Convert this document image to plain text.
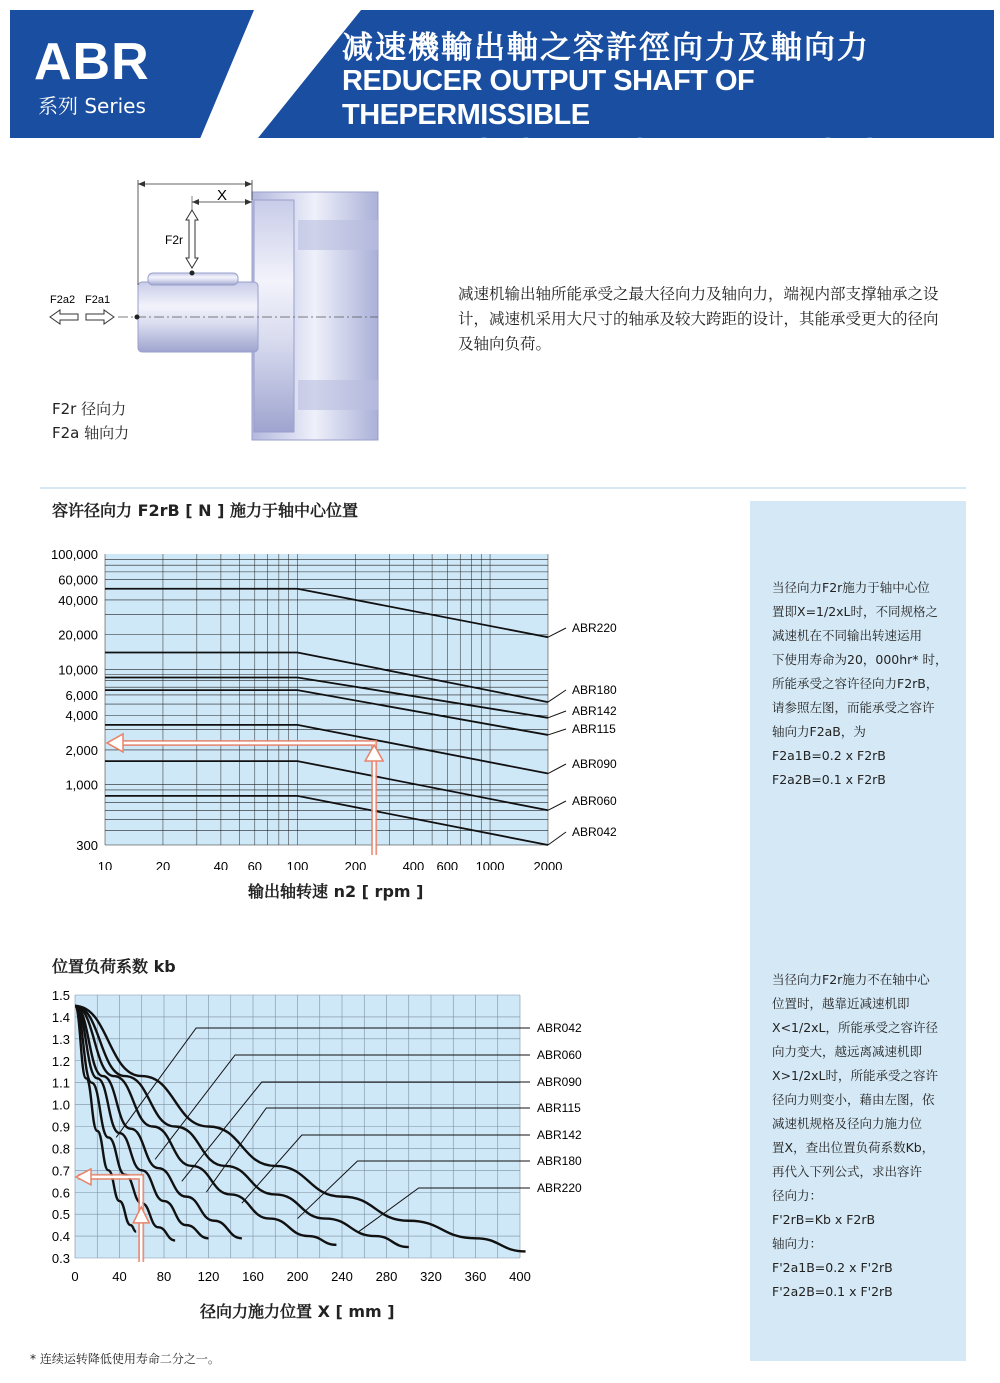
ABR
系列 Series
减速機輸出軸之容許徑向力及軸向力
REDUCER OUTPUT SHAFT OF THEPERMISSIBLE
RADIAL FORCE AND SHAFT AND FORCE
X
F2r
F2a2 F2a1
F2r 径向力
F2a 轴向力
减速机输出轴所能承受之最大径向力及轴向力，端视内部支撑轴承之设计，减速机采用大尺寸的轴承及较大跨距的设计，其能承受更大的径向及轴向负荷。
当径向力F2r施力于轴中心位
置即X=1/2xL时，不同规格之
减速机在不同输出转速运用
下使用寿命为20，000hr* 时，
所能承受之容许径向力F2rB，
请参照左图，而能承受之容许
轴向力F2aB，为
F2a1B=0.2 x F2rB
F2a2B=0.1 x F2rB
当径向力F2r施力不在轴中心
位置时，越靠近减速机即
X<1/2xL，所能承受之容许径
向力变大，越远离减速机即
X>1/2xL时，所能承受之容许
径向力则变小，藉由左图，依
减速机规格及径向力施力位
置X，查出位置负荷系数Kb，
再代入下列公式，求出容许
径向力：
F'2rB=Kb x F2rB
轴向力：
F'2a1B=0.2 x F'2rB
F'2a2B=0.1 x F'2rB
容许径向力 F2rB [ N ] 施力于轴中心位置
10	20	40 60 100	200	400 600 1000 2000
100,000
60,000
40,000
20,000
10,000
6,000
4,000
2,000
1,000
300
ABR220
ABR180
ABR142
ABR115
ABR090
ABR060
ABR042
输出轴转速 n2 [ rpm ]
位置负荷系数 kb
0	40 80 120 160 200 240 280 320 360 400
1.5
1.4
1.3
1.2
1.1
1.0
0.9
0.8
0.7
0.6
0.5
0.4
0.3
ABR042
ABR060
ABR090
ABR115
ABR142
ABR180
ABR220
径向力施力位置 X [ mm ]
* 连续运转降低使用寿命二分之一。
